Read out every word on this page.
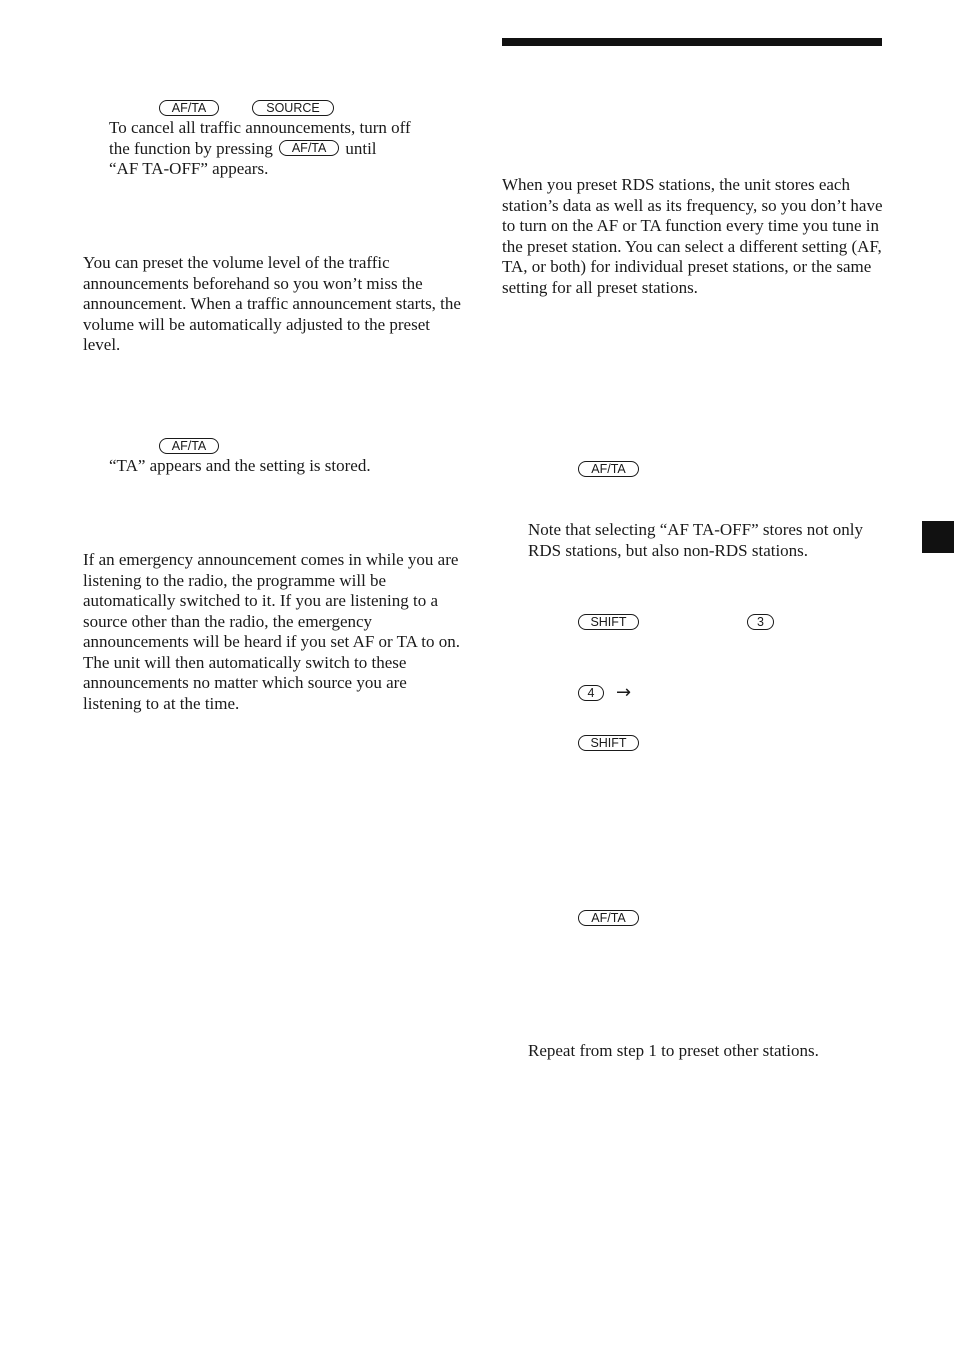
AF/TA	SOURCE
To cancel all traffic announcements, turn off
the function by pressing AF/TA until
“AF TA-OFF” appears.

You can preset the volume level of the traffic announcements beforehand so you won’t miss the announcement. When a traffic announcement starts, the volume will be automatically adjusted to the preset level.

AF/TA
“TA” appears and the setting is stored.

If an emergency announcement comes in while you are listening to the radio, the programme will be automatically switched to it. If you are listening to a source other than the radio, the emergency announcements will be heard if you set AF or TA to on. The unit will then automatically switch to these announcements no matter which source you are listening to at the time.

When you preset RDS stations, the unit stores each station’s data as well as its frequency, so you don’t have to turn on the AF or TA function every time you tune in the preset station. You can select a different setting (AF, TA, or both) for individual preset stations, or the same setting for all preset stations.

AF/TA

Note that selecting “AF TA-OFF” stores not only RDS stations, but also non-RDS stations.

SHIFT	3
4	→
SHIFT
AF/TA
Repeat from step 1 to preset other stations.
